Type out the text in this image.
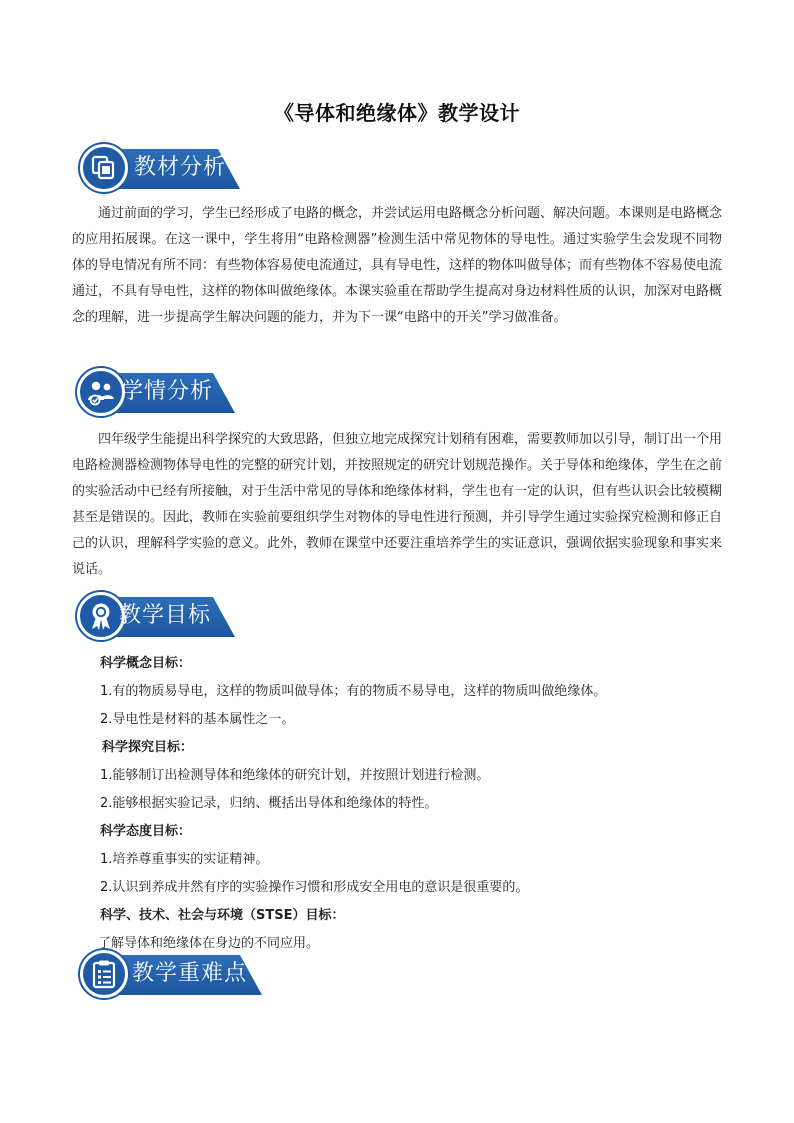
《导体和绝缘体》教学设计
教材分析

通过前面的学习，学生已经形成了电路的概念，并尝试运用电路概念分析问题、解决问题。本课则是电路概念的应用拓展课。在这一课中，学生将用“电路检测器”检测生活中常见物体的导电性。通过实验学生会发现不同物体的导电情况有所不同：有些物体容易使电流通过，具有导电性，这样的物体叫做导体；而有些物体不容易使电流通过，不具有导电性，这样的物体叫做绝缘体。本课实验重在帮助学生提高对身边材料性质的认识，加深对电路概念的理解，进一步提高学生解决问题的能力，并为下一课“电路中的开关”学习做准备。

学情分析

四年级学生能提出科学探究的大致思路，但独立地完成探究计划稍有困难，需要教师加以引导，制订出一个用电路检测器检测物体导电性的完整的研究计划，并按照规定的研究计划规范操作。关于导体和绝缘体，学生在之前的实验活动中已经有所接触，对于生活中常见的导体和绝缘体材料，学生也有一定的认识，但有些认识会比较模糊甚至是错误的。因此，教师在实验前要组织学生对物体的导电性进行预测，并引导学生通过实验探究检测和修正自己的认识，理解科学实验的意义。此外，教师在课堂中还要注重培养学生的实证意识，强调依据实验现象和事实来说话。

教学目标
科学概念目标：
1.有的物质易导电，这样的物质叫做导体；有的物质不易导电，这样的物质叫做绝缘体。
2.导电性是材料的基本属性之一。
科学探究目标：
1.能够制订出检测导体和绝缘体的研究计划，并按照计划进行检测。
2.能够根据实验记录，归纳、概括出导体和绝缘体的特性。
科学态度目标：
1.培养尊重事实的实证精神。
2.认识到养成井然有序的实验操作习惯和形成安全用电的意识是很重要的。
科学、技术、社会与环境（STSE）目标：
了解导体和绝缘体在身边的不同应用。
教学重难点
